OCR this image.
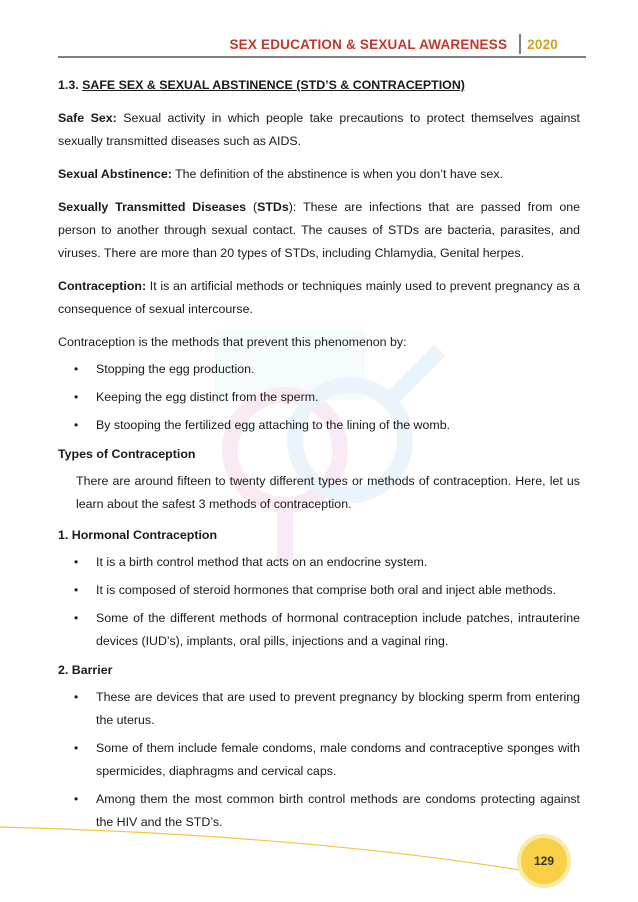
SEX EDUCATION & SEXUAL AWARENESS	2020

1.3. SAFE SEX & SEXUAL ABSTINENCE (STD’S & CONTRACEPTION)

Safe Sex: Sexual activity in which people take precautions to protect themselves against sexually transmitted diseases such as AIDS.

Sexual Abstinence: The definition of the abstinence is when you don’t have sex.

Sexually Transmitted Diseases (STDs): These are infections that are passed from one person to another through sexual contact. The causes of STDs are bacteria, parasites, and viruses. There are more than 20 types of STDs, including Chlamydia, Genital herpes.

Contraception: It is an artificial methods or techniques mainly used to prevent pregnancy as a consequence of sexual intercourse.

Contraception is the methods that prevent this phenomenon by:

• Stopping the egg production.
• Keeping the egg distinct from the sperm.
• By stooping the fertilized egg attaching to the lining of the womb.

Types of Contraception

There are around fifteen to twenty different types or methods of contraception. Here, let us learn about the safest 3 methods of contraception.

1. Hormonal Contraception

• It is a birth control method that acts on an endocrine system.
• It is composed of steroid hormones that comprise both oral and inject able methods.
• Some of the different methods of hormonal contraception include patches, intrauterine devices (IUD’s), implants, oral pills, injections and a vaginal ring.

2. Barrier

• These are devices that are used to prevent pregnancy by blocking sperm from entering the uterus.
• Some of them include female condoms, male condoms and contraceptive sponges with spermicides, diaphragms and cervical caps.
• Among them the most common birth control methods are condoms protecting against the HIV and the STD’s.
129
